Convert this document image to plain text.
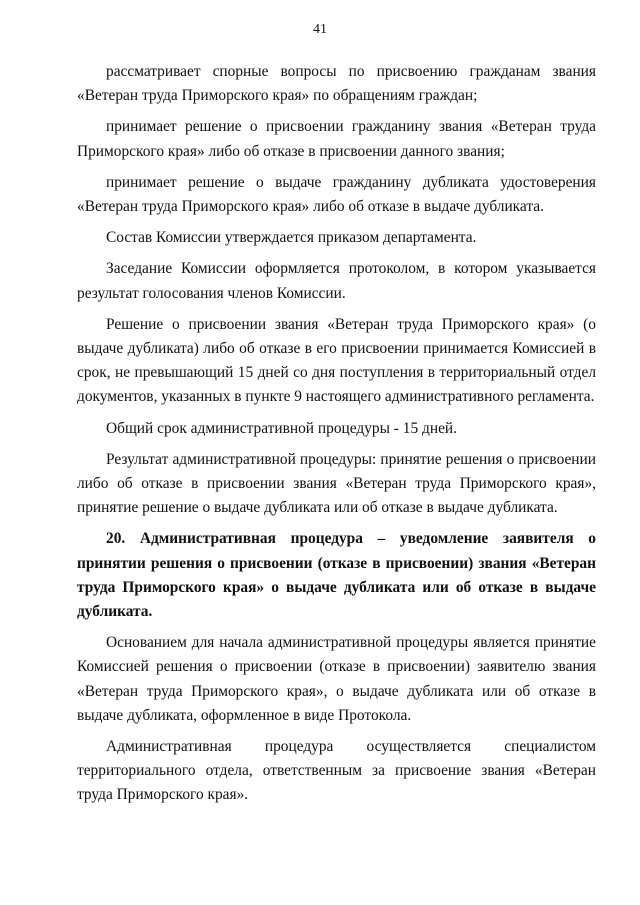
41

рассматривает спорные вопросы по присвоению гражданам звания «Ветеран труда Приморского края» по обращениям граждан;

принимает решение о присвоении гражданину звания «Ветеран труда Приморского края» либо об отказе в присвоении данного звания;

принимает решение о выдаче гражданину дубликата удостоверения «Ветеран труда Приморского края» либо об отказе в выдаче дубликата.

Состав Комиссии утверждается приказом департамента.

Заседание Комиссии оформляется протоколом, в котором указывается результат голосования членов Комиссии.

Решение о присвоении звания «Ветеран труда Приморского края» (о выдаче дубликата) либо об отказе в его присвоении принимается Комиссией в срок, не превышающий 15 дней со дня поступления в территориальный отдел документов, указанных в пункте 9 настоящего административного регламента.

Общий срок административной процедуры - 15 дней.

Результат административной процедуры: принятие решения о присвоении либо об отказе в присвоении звания «Ветеран труда Приморского края», принятие решение о выдаче дубликата или об отказе в выдаче дубликата.

20. Административная процедура – уведомление заявителя о принятии решения о присвоении (отказе в присвоении) звания «Ветеран труда Приморского края» о выдаче дубликата или об отказе в выдаче дубликата.

Основанием для начала административной процедуры является принятие Комиссией решения о присвоении (отказе в присвоении) заявителю звания «Ветеран труда Приморского края», о выдаче дубликата или об отказе в выдаче дубликата, оформленное в виде Протокола.

Административная процедура осуществляется специалистом территориального отдела, ответственным за присвоение звания «Ветеран труда Приморского края».
